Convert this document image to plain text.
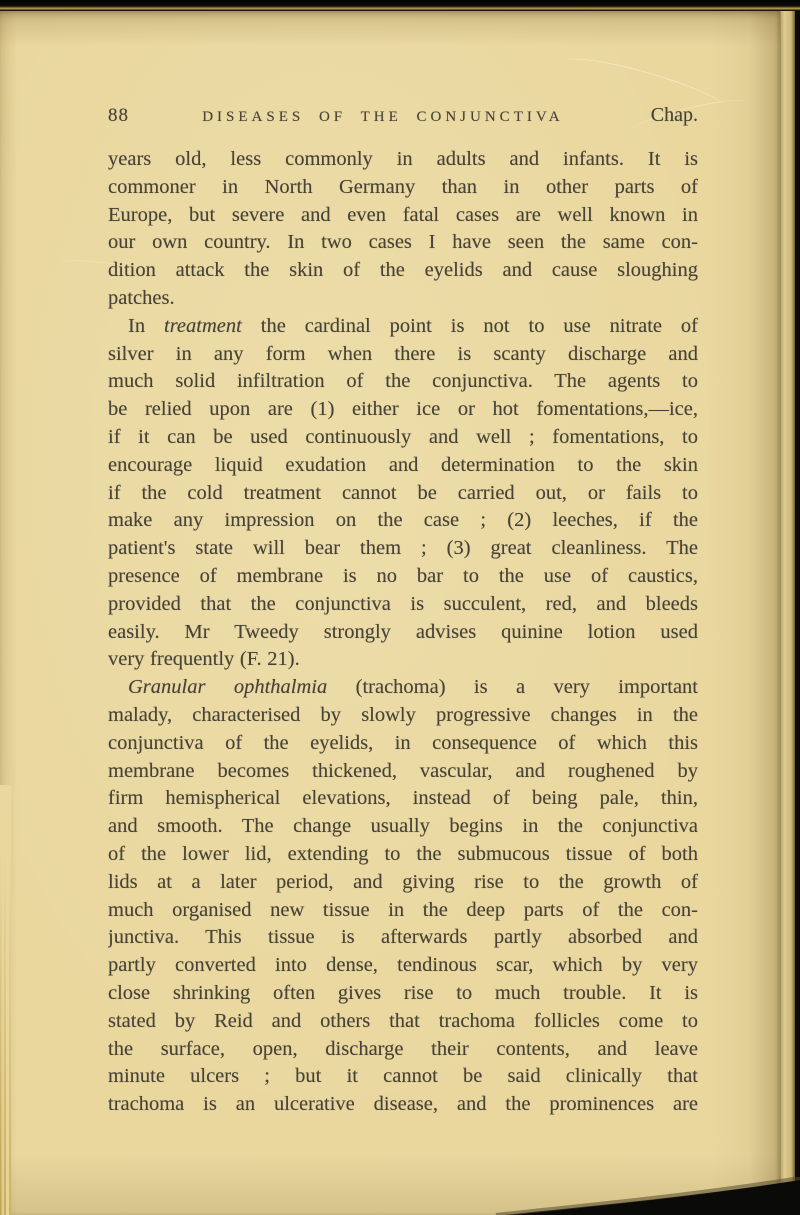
88	DISEASES OF THE CONJUNCTIVA	Chap.
years old, less commonly in adults and infants. It is
commoner in North Germany than in other parts of
Europe, but severe and even fatal cases are well known in
our own country. In two cases I have seen the same con-
dition attack the skin of the eyelids and cause sloughing
patches.
In treatment the cardinal point is not to use nitrate of
silver in any form when there is scanty discharge and
much solid infiltration of the conjunctiva. The agents to
be relied upon are (1) either ice or hot fomentations,—ice,
if it can be used continuously and well ; fomentations, to
encourage liquid exudation and determination to the skin
if the cold treatment cannot be carried out, or fails to
make any impression on the case ; (2) leeches, if the
patient's state will bear them ; (3) great cleanliness. The
presence of membrane is no bar to the use of caustics,
provided that the conjunctiva is succulent, red, and bleeds
easily. Mr Tweedy strongly advises quinine lotion used
very frequently (F. 21).
Granular ophthalmia (trachoma) is a very important
malady, characterised by slowly progressive changes in the
conjunctiva of the eyelids, in consequence of which this
membrane becomes thickened, vascular, and roughened by
firm hemispherical elevations, instead of being pale, thin,
and smooth. The change usually begins in the conjunctiva
of the lower lid, extending to the submucous tissue of both
lids at a later period, and giving rise to the growth of
much organised new tissue in the deep parts of the con-
junctiva. This tissue is afterwards partly absorbed and
partly converted into dense, tendinous scar, which by very
close shrinking often gives rise to much trouble. It is
stated by Reid and others that trachoma follicles come to
the surface, open, discharge their contents, and leave
minute ulcers ; but it cannot be said clinically that
trachoma is an ulcerative disease, and the prominences are
